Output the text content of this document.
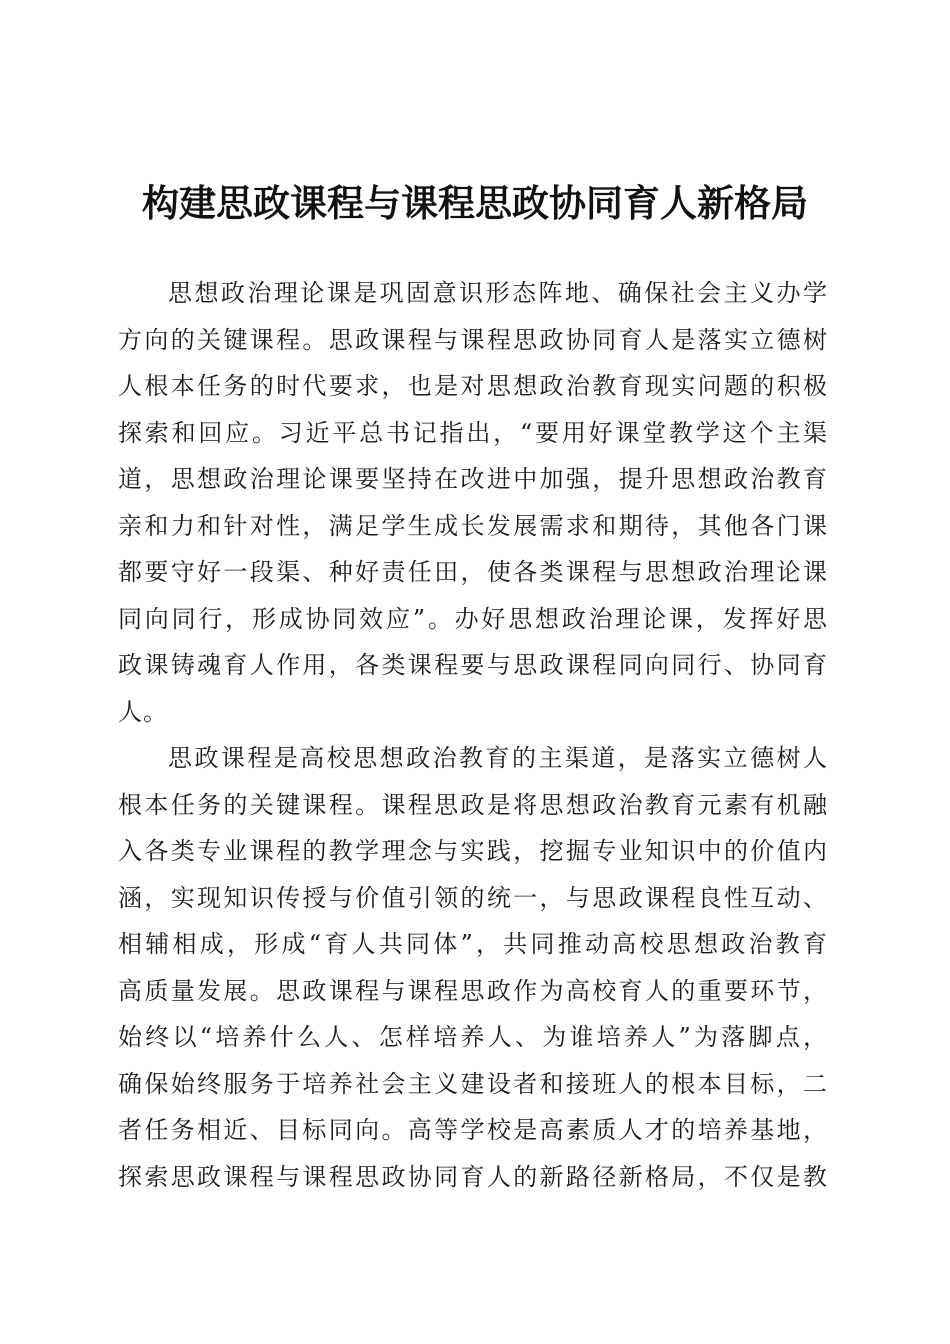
构建思政课程与课程思政协同育人新格局
思想政治理论课是巩固意识形态阵地、确保社会主义办学
方向的关键课程。思政课程与课程思政协同育人是落实立德树
人根本任务的时代要求，也是对思想政治教育现实问题的积极
探索和回应。习近平总书记指出，“要用好课堂教学这个主渠
道，思想政治理论课要坚持在改进中加强，提升思想政治教育
亲和力和针对性，满足学生成长发展需求和期待，其他各门课
都要守好一段渠、种好责任田，使各类课程与思想政治理论课
同向同行，形成协同效应”。办好思想政治理论课，发挥好思
政课铸魂育人作用，各类课程要与思政课程同向同行、协同育
人。
思政课程是高校思想政治教育的主渠道，是落实立德树人
根本任务的关键课程。课程思政是将思想政治教育元素有机融
入各类专业课程的教学理念与实践，挖掘专业知识中的价值内
涵，实现知识传授与价值引领的统一，与思政课程良性互动、
相辅相成，形成“育人共同体”，共同推动高校思想政治教育
高质量发展。思政课程与课程思政作为高校育人的重要环节，
始终以“培养什么人、怎样培养人、为谁培养人”为落脚点，
确保始终服务于培养社会主义建设者和接班人的根本目标，二
者任务相近、目标同向。高等学校是高素质人才的培养基地，
探索思政课程与课程思政协同育人的新路径新格局，不仅是教
